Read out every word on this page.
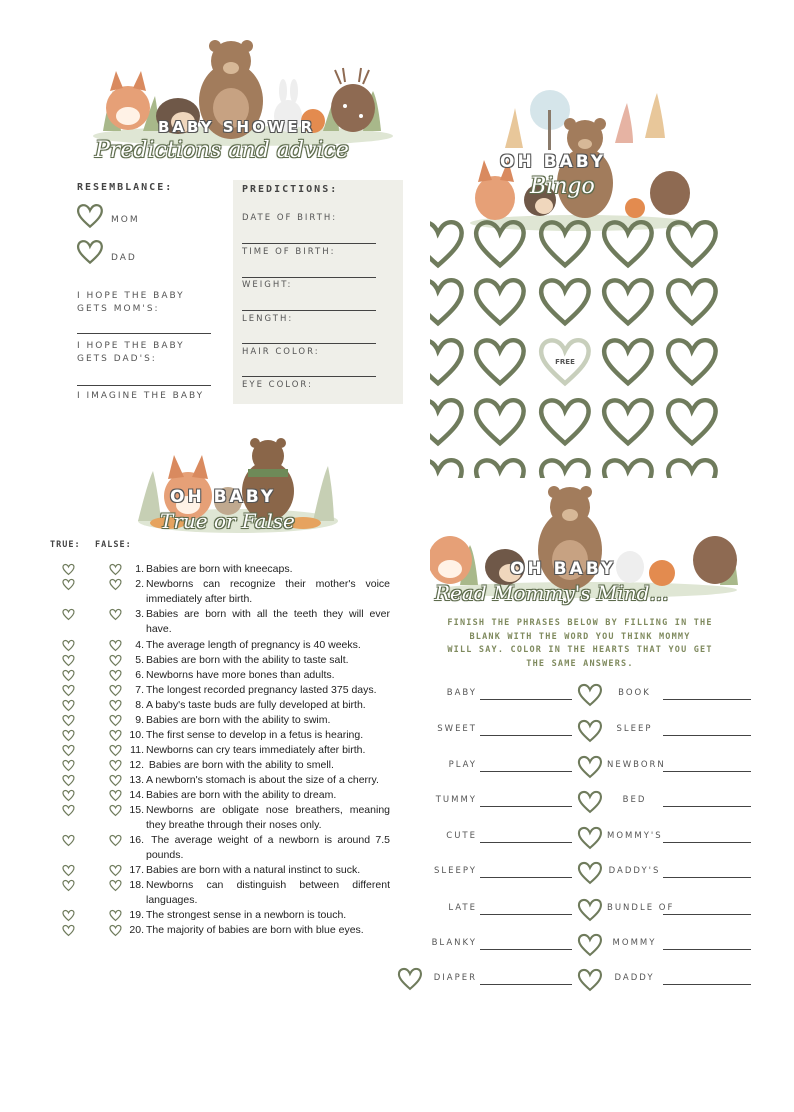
BABY SHOWER
Predictions and advice
RESEMBLANCE:
MOM
DAD
I HOPE THE BABY
GETS MOM'S:
I HOPE THE BABY
GETS DAD'S:
I IMAGINE THE BABY
PREDICTIONS:
DATE OF BIRTH:
TIME OF BIRTH:
WEIGHT:
LENGTH:
HAIR COLOR:
EYE COLOR:
OH BABY
Bingo
FREE
OH BABY
True or False
TRUE: FALSE:
1. Babies are born with kneecaps.
2. Newborns can recognize their mother's voice immediately after birth.
3. Babies are born with all the teeth they will ever have.
4. The average length of pregnancy is 40 weeks.
5. Babies are born with the ability to taste salt.
6. Newborns have more bones than adults.
7. The longest recorded pregnancy lasted 375 days.
8. A baby's taste buds are fully developed at birth.
9. Babies are born with the ability to swim.
10. The first sense to develop in a fetus is hearing.
11. Newborns can cry tears immediately after birth.
12. Babies are born with the ability to smell.
13. A newborn's stomach is about the size of a cherry.
14. Babies are born with the ability to dream.
15. Newborns are obligate nose breathers, meaning they breathe through their noses only.
16. The average weight of a newborn is around 7.5 pounds.
17. Babies are born with a natural instinct to suck.
18. Newborns can distinguish between different languages.
19. The strongest sense in a newborn is touch.
20. The majority of babies are born with blue eyes.
OH BABY
Read Mommy's Mind...
FINISH THE PHRASES BELOW BY FILLING IN THE
BLANK WITH THE WORD YOU THINK MOMMY
WILL SAY. COLOR IN THE HEARTS THAT YOU GET
THE SAME ANSWERS.
BABY	BOOK
SWEET	SLEEP
PLAY	NEWBORN
TUMMY	BED
CUTE	MOMMY'S
SLEEPY	DADDY'S
LATE	BUNDLE OF
BLANKY	MOMMY
DIAPER	DADDY
